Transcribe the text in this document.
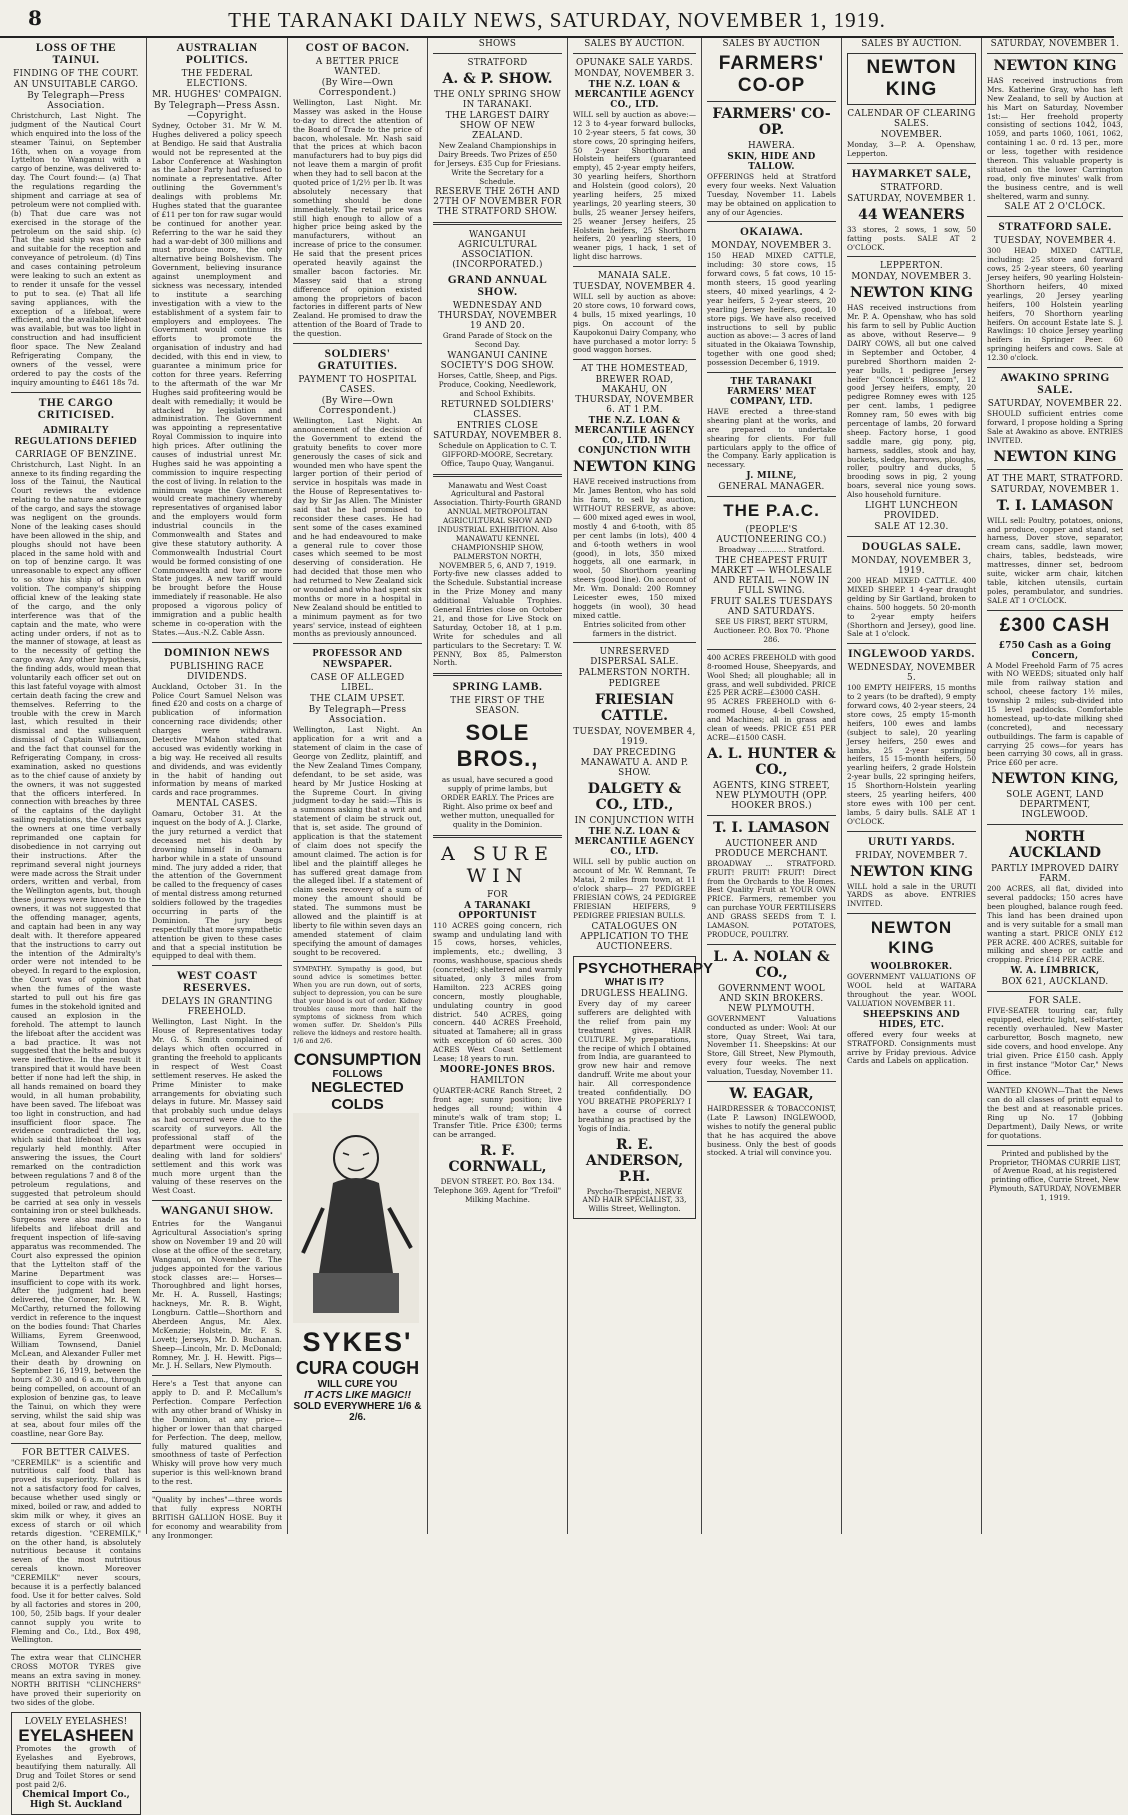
8	THE TARANAKI DAILY NEWS, SATURDAY, NOVEMBER 1, 1919.
LOSS OF THE TAINUI.
FINDING OF THE COURT.
AN UNSUITABLE CARGO.
By Telegraph—Press Association.

Christchurch, Last Night. The judgment of the Nautical Court which enquired into the loss of the steamer Tainui, on September 16th, when on a voyage from Lyttelton to Wanganui with a cargo of benzine, was delivered to-day. The Court found:— (a) That the regulations regarding the shipment and carriage at sea of petroleum were not complied with. (b) That due care was not exercised in the storage of the petroleum on the said ship. (c) That the said ship was not safe and suitable for the reception and conveyance of petroleum. (d) Tins and cases containing petroleum were leaking to such an extent as to render it unsafe for the vessel to put to sea. (e) That all life saving appliances, with the exception of a lifeboat, were efficient, and the available lifeboat was available, but was too light in construction and had insufficient floor space. The New Zealand Refrigerating Company, the owners of the vessel, were ordered to pay the costs of the inquiry amounting to £461 18s 7d.

THE CARGO CRITICISED.
ADMIRALTY REGULATIONS DEFIED
CARRIAGE OF BENZINE.

Christchurch, Last Night. In an annexe to its finding regarding the loss of the Tainui, the Nautical Court reviews the evidence relating to the nature and storage of the cargo, and says the stowage was negligent on the grounds. None of the leaking cases should have been allowed in the ship, and ploughs should not have been placed in the same hold with and on top of benzine cargo. It was unreasonable to expect any officer to so stow his ship of his own volition. The company's shipping official knew of the leaking state of the cargo, and the only interference was that of the captain and the mate, who were acting under orders, if not as to the manner of stowage, at least as to the necessity of getting the cargo away. Any other hypothesis, the finding adds, would mean that voluntarily each officer set out on this last fateful voyage with almost certain death facing the crew and themselves. Referring to the trouble with the crew in March last, which resulted in their dismissal and the subsequent dismissal of Captain Williamson, and the fact that counsel for the Refrigerating Company, in cross-examination, asked no questions as to the chief cause of anxiety by the owners, it was not suggested that the officers interfered. In connection with breaches by three of the captains of the daylight sailing regulations, the Court says the owners at one time verbally reprimanded one captain for disobedience in not carrying out their instructions. After the reprimand several night journeys were made across the Strait under orders, written and verbal, from the Wellington agents, but, though these journeys were known to the owners, it was not suggested that the offending manager, agents, and captain had been in any way dealt with. It therefore appeared that the instructions to carry out the intention of the Admiralty's order were not intended to be obeyed. In regard to the explosion, the Court was of opinion that when the fumes of the waste started to pull out his fire gas fumes in the stokehold ignited and caused an explosion in the forehold. The attempt to launch the lifeboat after the accident was a bad practice. It was not suggested that the belts and buoys were ineffective. In the result it transpired that it would have been better if none had left the ship, in all hands remained on board they would, in all human probability, have been saved. The lifeboat was too light in construction, and had insufficient floor space. The evidence contradicted the log, which said that lifeboat drill was regularly held monthly. After answering the issues, the Court remarked on the contradiction between regulations 7 and 8 of the petroleum regulations, and suggested that petroleum should be carried at sea only in vessels containing iron or steel bulkheads. Surgeons were also made as to lifebelts and lifeboat drill and frequent inspection of life-saving apparatus was recommended. The Court also expressed the opinion that the Lyttelton staff of the Marine Department was insufficient to cope with its work. After the judgment had been delivered, the Coroner, Mr. R. W. McCarthy, returned the following verdict in reference to the inquest on the bodies found: That Charles Williams, Eyrem Greenwood, William Townsend, Daniel McLean, and Alexander Fuller met their death by drowning on September 16, 1919, between the hours of 2.30 and 6 a.m., through being compelled, on account of an explosion of benzine gas, to leave the Tainui, on which they were serving, whilst the said ship was at sea, about four miles off the coastline, near Gore Bay.

FOR BETTER CALVES.

"CEREMILK" is a scientific and nutritious calf food that has proved its superiority. Pollard is not a satisfactory food for calves, because whether used singly or mixed, boiled or raw, and added to skim milk or whey, it gives an excess of starch or oil which retards digestion. "CEREMILK," on the other hand, is absolutely nutritious because it contains seven of the most nutritious cereals known. Moreover "CEREMILK" never scours, because it is a perfectly balanced food. Use it for better calves. Sold by all factories and stores in 200, 100, 50, 25lb bags. If your dealer cannot supply you write to Fleming and Co., Ltd., Box 498, Wellington.

The extra wear that CLINCHER CROSS MOTOR TYRES give means an extra saving in money. NORTH BRITISH "CLINCHERS" have proved their superiority on two sides of the globe.

LOVELY EYELASHES!
EYELASHEEN

Promotes the growth of Eyelashes and Eyebrows, beautifying them naturally. All Drug and Toilet Stores or send post paid 2/6.

Chemical Import Co., High St. Auckland
AUSTRALIAN POLITICS.
THE FEDERAL ELECTIONS.
MR. HUGHES' COMPAIGN.
By Telegraph—Press Assn.—Copyright.

Sydney, October 31. Mr W. M. Hughes delivered a policy speech at Bendigo. He said that Australia would not be represented at the Labor Conference at Washington as the Labor Party had refused to nominate a representative. After outlining the Government's dealings with problems Mr. Hughes stated that the guarantee of £11 per ton for raw sugar would be continued for another year. Referring to the war he said they had a war-debt of 300 millions and must produce more, the only alternative being Bolshevism. The Government, believing insurance against unemployment and sickness was necessary, intended to institute a searching investigation with a view to the establishment of a system fair to employers and employees. The Government would continue its efforts to promote the organisation of industry and had decided, with this end in view, to guarantee a minimum price for cotton for three years. Referring to the aftermath of the war Mr Hughes said profiteering would be dealt with remedially; it would be attacked by legislation and administration. The Government was appointing a representative Royal Commission to inquire into high prices. After outlining the causes of industrial unrest Mr. Hughes said he was appointing a commission to inquire respecting the cost of living. In relation to the minimum wage the Government would create machinery whereby representatives of organised labor and the employers would form industrial councils in the Commonwealth and States and give these statutory authority. A Commonwealth Industrial Court would be formed consisting of one Commonwealth and two or more State judges. A new tariff would be brought before the House immediately if reasonable. He also proposed a vigorous policy of immigration and a public health scheme in co-operation with the States.—Aus.-N.Z. Cable Assn.

DOMINION NEWS
PUBLISHING RACE DIVIDENDS.

Auckland, October 31. In the Police Court Samuel Nelson was fined £20 and costs on a charge of publication of information concerning race dividends; other charges were withdrawn. Detective M'Mahon stated that accused was evidently working in a big way. He received all results and dividends, and was evidently in the habit of handing out information by means of marked cards and race programmes.

MENTAL CASES.

Oamaru, October 31. At the inquest on the body of A. J. Clarke, the jury returned a verdict that deceased met his death by drowning himself in Oamaru harbor while in a state of unsound mind. The jury added a rider, that the attention of the Government be called to the frequency of cases of mental distress among returned soldiers followed by the tragedies occurring in parts of the Dominion. The jury begs respectfully that more sympathetic attention be given to these cases and that a special institution be equipped to deal with them.

WEST COAST RESERVES.
DELAYS IN GRANTING FREEHOLD.

Wellington, Last Night. In the House of Representatives today Mr. G. S. Smith complained of delays which often occurred in granting the freehold to applicants in respect of West Coast settlement reserves. He asked the Prime Minister to make arrangements for obviating such delays in future. Mr. Massey said that probably such undue delays as had occurred were due to the scarcity of surveyors. All the professional staff of the department were occupied in dealing with land for soldiers' settlement and this work was much more urgent than the valuing of these reserves on the West Coast.

WANGANUI SHOW.

Entries for the Wanganui Agricultural Association's spring show on November 19 and 20 will close at the office of the secretary, Wanganui, on November 8. The judges appointed for the various stock classes are:— Horses—Thoroughbred and light horses, Mr. H. A. Russell, Hastings; hackneys, Mr. R. B. Wight, Longburn. Cattle—Shorthorn and Aberdeen Angus, Mr. Alex. McKenzie; Holstein, Mr. F. S. Lovett; Jerseys, Mr. D. Buchanan. Sheep—Lincoln, Mr. D. McDonald; Romney, Mr. J. H. Hewitt. Pigs—Mr. J. H. Sellars, New Plymouth.

Here's a Test that anyone can apply to D. and P. McCallum's Perfection. Compare Perfection with any other brand of Whisky in the Dominion, at any price—higher or lower than that charged for Perfection. The deep, mellow, fully matured qualities and smoothness of taste of Perfection Whisky will prove how very much superior is this well-known brand to the rest.

"Quality by inches"—three words that fully express NORTH BRITISH GALLION HOSE. Buy it for economy and wearability from any Ironmonger.

COST OF BACON.
A BETTER PRICE WANTED.
(By Wire—Own Correspondent.)

Wellington, Last Night. Mr. Massey was asked in the House to-day to direct the attention of the Board of Trade to the price of bacon, wholesale. Mr. Nash said that the prices at which bacon manufacturers had to buy pigs did not leave them a margin of profit when they had to sell bacon at the quoted price of 1/2½ per lb. It was absolutely necessary that something should be done immediately. The retail price was still high enough to allow of a higher price being asked by the manufacturers, without an increase of price to the consumer. He said that the present prices operated heavily against the smaller bacon factories. Mr. Massey said that a strong difference of opinion existed among the proprietors of bacon factories in different parts of New Zealand. He promised to draw the attention of the Board of Trade to the question.

SOLDIERS' GRATUITIES.
PAYMENT TO HOSPITAL CASES.
(By Wire—Own Correspondent.)

Wellington, Last Night. An announcement of the decision of the Government to extend the gratuity benefits to cover more generously the cases of sick and wounded men who have spent the larger portion of their period of service in hospitals was made in the House of Representatives to-day by Sir Jas Allen. The Minister said that he had promised to reconsider these cases. He had sent some of the cases examined and he had endeavoured to make a general rule to cover those cases which seemed to be most deserving of consideration. He had decided that those men who had returned to New Zealand sick or wounded and who had spent six months or more in a hospital in New Zealand should be entitled to a minimum payment as for two years' service, instead of eighteen months as previously announced.

PROFESSOR AND NEWSPAPER.
CASE OF ALLEGED LIBEL.
THE CLAIM UPSET.
By Telegraph—Press Association.

Wellington, Last Night. An application for a writ and a statement of claim in the case of George von Zedlitz, plaintiff, and the New Zealand Times Company, defendant, to be set aside, was heard by Mr Justice Hosking at the Supreme Court. In giving judgment to-day he said:—This is a summons asking that a writ and statement of claim be struck out, that is, set aside. The ground of application is that the statement of claim does not specify the amount claimed. The action is for libel and the plaintiff alleges he has suffered great damage from the alleged libel. If a statement of claim seeks recovery of a sum of money the amount should be stated. The summons must be allowed and the plaintiff is at liberty to file within seven days an amended statement of claim specifying the amount of damages sought to be recovered.

SYMPATHY. Sympathy is good, but sound advice is sometimes better. When you are run down, out of sorts, subject to depression, you can be sure that your blood is out of order. Kidney troubles cause more than half the symptoms of sickness from which women suffer. Dr. Sheldon's Pills relieve the kidneys and restore health. 1/6 and 2/6.

CONSUMPTION
FOLLOWS
NEGLECTED COLDS
SYKES'
CURA COUGH
WILL CURE YOU
IT ACTS LIKE MAGIC!!
SOLD EVERYWHERE 1/6 & 2/6.
SHOWS
STRATFORD
A. & P. SHOW.
THE ONLY SPRING SHOW IN TARANAKI.
THE LARGEST DAIRY SHOW OF NEW ZEALAND.

New Zealand Championships in Dairy Breeds. Two Prizes of £50 for Jerseys. £35 Cup for Friesians. Write the Secretary for a Schedule.

RESERVE THE 26TH AND 27TH OF NOVEMBER FOR THE STRATFORD SHOW.
WANGANUI AGRICULTURAL ASSOCIATION. (INCORPORATED.)
GRAND ANNUAL SHOW.
WEDNESDAY AND THURSDAY, NOVEMBER 19 AND 20.

Grand Parade of Stock on the Second Day.

WANGANUI CANINE SOCIETY'S DOG SHOW.

Horses, Cattle, Sheep, and Pigs. Produce, Cooking, Needlework, and School Exhibits.

RETURNED SOLDIERS' CLASSES.
ENTRIES CLOSE SATURDAY, NOVEMBER 8.

Schedule on Application to C. T. GIFFORD-MOORE, Secretary. Office, Taupo Quay, Wanganui.

Manawatu and West Coast Agricultural and Pastoral Association. Thirty-Fourth GRAND ANNUAL METROPOLITAN AGRICULTURAL SHOW AND INDUSTRIAL EXHIBITION. Also MANAWATU KENNEL CHAMPIONSHIP SHOW, PALMERSTON NORTH, NOVEMBER 5, 6, AND 7, 1919.

Forty-five new classes added to the Schedule. Substantial increase in the Prize Money and many additional Valuable Trophies. General Entries close on October 21, and those for Live Stock on Saturday, October 18, at 1 p.m. Write for schedules and all particulars to the Secretary: T. W. PENNY, Box 85, Palmerston North.

SPRING LAMB.
THE FIRST OF THE SEASON.
SOLE BROS.,

as usual, have secured a good supply of prime lambs, but ORDER EARLY. The Prices are Right. Also prime ox beef and wether mutton, unequalled for quality in the Dominion.

A SURE WIN
FOR
A TARANAKI OPPORTUNIST

110 ACRES going concern, rich swamp and undulating land with 15 cows, horses, vehicles, implements, etc.; dwelling, 3 rooms, washhouse, spacious sheds (concreted); sheltered and warmly situated, only 3 miles from Hamilton. 223 ACRES going concern, mostly ploughable, undulating country in good district. 540 ACRES, going concern. 440 ACRES Freehold, situated at Tamahere; all in grass with exception of 60 acres. 300 ACRES West Coast Settlement Lease; 18 years to run.

MOORE-JONES BROS.
HAMILTON

QUARTER-ACRE Ranch Street, 2 front age; sunny position; live hedges all round; within 4 minute's walk of tram stop; L. Transfer Title. Price £300; terms can be arranged.

R. F. CORNWALL,

DEVON STREET. P.O. Box 134. Telephone 369. Agent for "Trefoil" Milking Machine.

SALES BY AUCTION.
OPUNAKE SALE YARDS.
MONDAY, NOVEMBER 3.
THE N.Z. LOAN & MERCANTILE AGENCY CO., LTD.

WILL sell by auction as above:— 12 3 to 4-year forward bullocks, 10 2-year steers, 5 fat cows, 30 store cows, 20 springing heifers, 50 2-year Shorthorn and Holstein heifers (guaranteed empty), 45 2-year empty heifers, 30 yearling heifers, Shorthorn and Holstein (good colors), 20 yearling heifers, 25 mixed yearlings, 20 yearling steers, 30 bulls, 25 weaner Jersey heifers, 25 weaner Jersey heifers, 25 Holstein heifers, 25 Shorthorn heifers, 20 yearling steers, 10 weaner pigs, 1 hack, 1 set of light disc harrows.

MANAIA SALE.
TUESDAY, NOVEMBER 4.

WILL sell by auction as above: 20 store cows, 10 forward cows, 4 bulls, 15 mixed yearlings, 10 pigs. On account of the Kaupokonui Dairy Company, who have purchased a motor lorry: 5 good waggon horses.

AT THE HOMESTEAD,
BREWER ROAD, MAKAHU, ON THURSDAY, NOVEMBER 6. AT 1 P.M.
THE N.Z. LOAN & MERCANTILE AGENCY CO., LTD. IN CONJUNCTION WITH
NEWTON KING

HAVE received instructions from Mr. James Benton, who has sold his farm, to sell by auction, WITHOUT RESERVE, as above:— 600 mixed aged ewes in wool, mostly 4 and 6-tooth, with 85 per cent lambs (in lots), 400 4 and 6-tooth wethers in wool (good), in lots, 350 mixed hoggets, all one earmark, in wool, 50 Shorthorn yearling steers (good line). On account of Mr. Wm. Donald: 200 Romney Leicester ewes, 150 mixed hoggets (in wool), 30 head mixed cattle.

Entries solicited from other farmers in the district.

UNRESERVED DISPERSAL SALE.
PALMERSTON NORTH.
PEDIGREE
FRIESIAN CATTLE.
TUESDAY, NOVEMBER 4, 1919.
DAY PRECEDING MANAWATU A. AND P. SHOW.
DALGETY & CO., LTD.,
IN CONJUNCTION WITH
THE N.Z. LOAN & MERCANTILE AGENCY CO., LTD.

WILL sell by public auction on account of Mr. W. Remnant, Te Matai, 2 miles from town, at 11 o'clock sharp— 27 PEDIGREE FRIESIAN COWS, 24 PEDIGREE FRIESIAN HEIFERS, 9 PEDIGREE FRIESIAN BULLS.

CATALOGUES ON APPLICATION TO THE AUCTIONEERS.
PSYCHOTHERAPY
WHAT IS IT?
DRUGLESS HEALING.

Every day of my career sufferers are delighted with the relief from pain my treatment gives. HAIR CULTURE. My preparations, the recipe of which I obtained from India, are guaranteed to grow new hair and remove dandruff. Write me about your hair. All correspondence treated confidentially. DO YOU BREATHE PROPERLY? I have a course of correct breathing as practised by the Yogis of India.

R. E. ANDERSON, P.H.

Psycho-Therapist, NERVE AND HAIR SPECIALIST, 33, Willis Street, Wellington.

SALES BY AUCTION
FARMERS' CO-OP
FARMERS' CO-OP.
HAWERA.
SKIN, HIDE AND TALLOW.

OFFERINGS held at Stratford every four weeks. Next Valuation Tuesday, November 11. Labels may be obtained on application to any of our Agencies.

OKAIAWA.
MONDAY, NOVEMBER 3.

150 HEAD MIXED CATTLE, including: 30 store cows, 15 forward cows, 5 fat cows, 10 15-month steers, 15 good yearling steers, 40 mixed yearlings, 4 2-year heifers, 5 2-year steers, 20 yearling Jersey heifers, good, 10 store pigs. We have also received instructions to sell by public auction as above:— 3 acres of land situated in the Okaiawa Township, together with one good shed; possession December 6, 1919.

THE TARANAKI FARMERS' MEAT COMPANY, LTD.

HAVE erected a three-stand shearing plant at the works, and are prepared to undertake shearing for clients. For full particulars apply to the office of the Company. Early application is necessary.

J. MILNE,
GENERAL MANAGER.
THE P.A.C.
(PEOPLE'S AUCTIONEERING CO.)

Broadway ............ Stratford.

THE CHEAPEST FRUIT MARKET — WHOLESALE AND RETAIL — NOW IN FULL SWING.
FRUIT SALES TUESDAYS AND SATURDAYS.

SEE US FIRST, BERT STURM, Auctioneer. P.O. Box 70. 'Phone 286.

400 ACRES FREEHOLD with good 8-roomed House, Sheepyards, and Wool Shed; all ploughable; all in grass, and well subdivided. PRICE £25 PER ACRE—£3000 CASH.

95 ACRES FREEHOLD with 6-roomed House, 4-bell Cowshed, and Machines; all in grass and clean of weeds. PRICE £51 PER ACRE—£1500 CASH.

A. L. HUNTER & CO.,
AGENTS, KING STREET, NEW PLYMOUTH (OPP. HOOKER BROS.)
T. I. LAMASON
AUCTIONEER AND PRODUCE MERCHANT.

BROADWAY ... STRATFORD. FRUIT! FRUIT! FRUIT! Direct from the Orchards to the Homes. Best Quality Fruit at YOUR OWN PRICE. Farmers, remember you can purchase YOUR FERTILISERS AND GRASS SEEDS from T. I. LAMASON. POTATOES, PRODUCE, POULTRY.

L. A. NOLAN & CO.,
GOVERNMENT WOOL AND SKIN BROKERS. NEW PLYMOUTH.

GOVERNMENT Valuations conducted as under: Wool: At our store, Quay Street, Wai tara, November 11. Sheepskins: At our Store, Gill Street, New Plymouth, every four weeks. The next valuation, Tuesday, November 11.

W. EAGAR,

HAIRDRESSER & TOBACCONIST, (Late P. Lawson) INGLEWOOD, wishes to notify the general public that he has acquired the above business. Only the best of goods stocked. A trial will convince you.

SALES BY AUCTION.
NEWTON KING
CALENDAR OF CLEARING SALES.
NOVEMBER.

Monday, 3—P. A. Openshaw, Lepperton.

HAYMARKET SALE,
STRATFORD.
SATURDAY, NOVEMBER 1.
44 WEANERS

33 stores, 2 sows, 1 sow, 50 fatting posts. SALE AT 2 O'CLOCK.

LEPPERTON.
MONDAY, NOVEMBER 3.
NEWTON KING

HAS received instructions from Mr. P. A. Openshaw, who has sold his farm to sell by Public Auction as above, without Reserve— 9 DAIRY COWS, all but one calved in September and October, 4 purebred Shorthorn maiden 2-year bulls, 1 pedigree Jersey heifer "Conceit's Blossom", 12 good Jersey heifers, empty, 20 pedigree Romney ewes with 125 per cent. lambs, 1 pedigree Romney ram, 50 ewes with big percentage of lambs, 20 forward sheep. Factory horse, 1 good saddle mare, gig pony, pig, harness, saddles, stook and hay, buckets, sledge, harrows, ploughs, roller, poultry and ducks, 5 brooding sows in pig, 2 young boars, several nice young sows. Also household furniture.

LIGHT LUNCHEON PROVIDED.
SALE AT 12.30.
DOUGLAS SALE.
MONDAY, NOVEMBER 3, 1919.

200 HEAD MIXED CATTLE. 400 MIXED SHEEP. 1 4-year draught gelding by Sir Gartland, broken to chains. 500 hoggets. 50 20-month to 2-year empty heifers (Shorthorn and Jersey), good line. Sale at 1 o'clock.

INGLEWOOD YARDS.
WEDNESDAY, NOVEMBER 5.

100 EMPTY HEIFERS, 15 months to 2 years (to be drafted), 9 empty forward cows, 40 2-year steers, 24 store cows, 25 empty 15-month heifers, 100 ewes and lambs (subject to sale), 20 yearling Jersey heifers, 250 ewes and lambs, 25 2-year springing heifers, 15 15-month heifers, 50 yearling heifers, 2 grade Holstein 2-year bulls, 22 springing heifers, 15 Shorthorn-Holstein yearling steers, 25 yearling heifers, 400 store ewes with 100 per cent. lambs, 5 dairy bulls. SALE AT 1 O'CLOCK.

URUTI YARDS.
FRIDAY, NOVEMBER 7.
NEWTON KING

WILL hold a sale in the URUTI YARDS as above. ENTRIES INVITED.

NEWTON KING
WOOLBROKER.

GOVERNMENT VALUATIONS OF WOOL held at WAITARA throughout the year. WOOL VALUATION NOVEMBER 11.

SHEEPSKINS AND HIDES, ETC.

offered every four weeks at STRATFORD. Consignments must arrive by Friday previous. Advice Cards and Labels on application.

SATURDAY, NOVEMBER 1.
NEWTON KING

HAS received instructions from Mrs. Katherine Gray, who has left New Zealand, to sell by Auction at his Mart on Saturday, November 1st:— Her freehold property consisting of sections 1042, 1043, 1059, and parts 1060, 1061, 1062, containing 1 ac. 0 rd. 13 per., more or less, together with residence thereon. This valuable property is situated on the lower Carrington road, only five minutes' walk from the business centre, and is well sheltered, warm and sunny.

SALE AT 2 O'CLOCK.
STRATFORD SALE.
TUESDAY, NOVEMBER 4.

300 HEAD MIXED CATTLE, including: 25 store and forward cows, 25 2-year steers, 60 yearling Jersey heifers, 90 yearling Holstein-Shorthorn heifers, 40 mixed yearlings, 20 Jersey yearling heifers, 100 Holstein yearling heifers, 70 Shorthorn yearling heifers. On account Estate late S. J. Rawlings: 10 choice Jersey yearling heifers in Springer Peer. 60 springing heifers and cows. Sale at 12.30 o'clock.

AWAKINO SPRING SALE.
SATURDAY, NOVEMBER 22.

SHOULD sufficient entries come forward, I propose holding a Spring Sale at Awakino as above. ENTRIES INVITED.

NEWTON KING
AT THE MART, STRATFORD.
SATURDAY, NOVEMBER 1.
T. I. LAMASON

WILL sell: Poultry, potatoes, onions, and produce, copper and stand, set harness, Dover stove, separator, cream cans, saddle, lawn mower, chairs, tables, bedsteads, wire mattresses, dinner set, bedroom suite, wicker arm chair, kitchen table, kitchen utensils, curtain poles, perambulator, and sundries. SALE AT 1 O'CLOCK.

£300 CASH
£750 Cash as a Going Concern,

A Model Freehold Farm of 75 acres with NO WEEDS; situated only half mile from railway station and school, cheese factory 1½ miles, township 2 miles; sub-divided into 15 level paddocks. Comfortable homestead, up-to-date milking shed (concreted), and necessary outbuildings. The farm is capable of carrying 25 cows—for years has been carrying 30 cows, all in grass. Price £60 per acre.

NEWTON KING,
SOLE AGENT, LAND DEPARTMENT, INGLEWOOD.
NORTH AUCKLAND
PARTLY IMPROVED DAIRY FARM.

200 ACRES, all flat, divided into several paddocks; 150 acres have been ploughed, balance rough feed. This land has been drained upon and is very suitable for a small man wanting a start. PRICE ONLY £12 PER ACRE. 400 ACRES, suitable for milking and sheep or cattle and cropping. Price £14 PER ACRE.

W. A. LIMBRICK,
BOX 621, AUCKLAND.
FOR SALE.

FIVE-SEATER touring car, fully equipped, electric light, self-starter, recently overhauled. New Master carburettor, Bosch magneto, new side covers, and hood envelope. Any trial given. Price £150 cash. Apply in first instance "Motor Car," News Office.

WANTED KNOWN—That the News can do all classes of printt equal to the best and at reasonable prices. Ring up No. 17 (Jobbing Department), Daily News, or write for quotations.

Printed and published by the Proprietor, THOMAS CURRIE LIST, of Avenue Road, at his registered printing office, Currie Street, New Plymouth, SATURDAY, NOVEMBER 1, 1919.
